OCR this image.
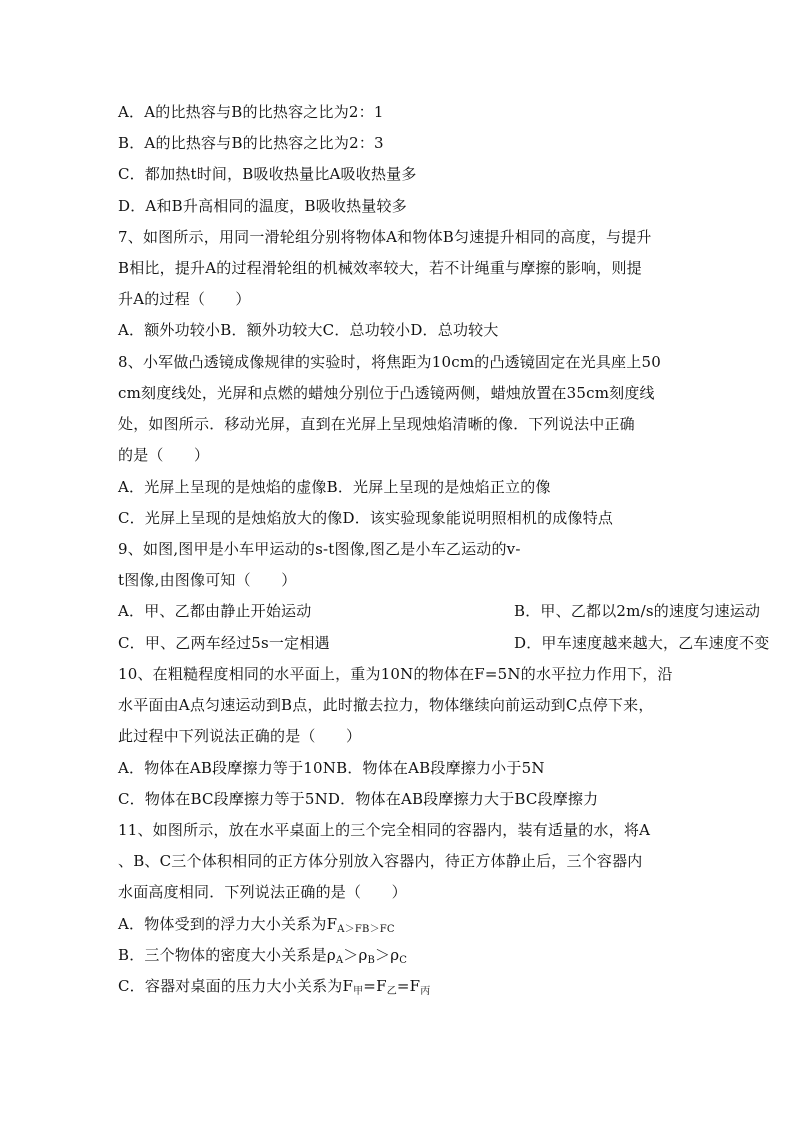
A．A的比热容与B的比热容之比为2：1
B．A的比热容与B的比热容之比为2：3
C．都加热t时间，B吸收热量比A吸收热量多
D．A和B升高相同的温度，B吸收热量较多
7、如图所示，用同一滑轮组分别将物体A和物体B匀速提升相同的高度，与提升
B相比，提升A的过程滑轮组的机械效率较大，若不计绳重与摩擦的影响，则提
升A的过程（　　）
A．额外功较小B．额外功较大C．总功较小D．总功较大
8、小军做凸透镜成像规律的实验时，将焦距为10cm的凸透镜固定在光具座上50
cm刻度线处，光屏和点燃的蜡烛分别位于凸透镜两侧，蜡烛放置在35cm刻度线
处，如图所示．移动光屏，直到在光屏上呈现烛焰清晰的像．下列说法中正确
的是（　　）
A．光屏上呈现的是烛焰的虚像B．光屏上呈现的是烛焰正立的像
C．光屏上呈现的是烛焰放大的像D．该实验现象能说明照相机的成像特点
9、如图,图甲是小车甲运动的s-t图像,图乙是小车乙运动的v-
t图像,由图像可知（　　）
A．甲、乙都由静止开始运动	B．甲、乙都以2m/s的速度匀速运动
C．甲、乙两车经过5s一定相遇	D．甲车速度越来越大，乙车速度不变
10、在粗糙程度相同的水平面上，重为10N的物体在F=5N的水平拉力作用下，沿
水平面由A点匀速运动到B点，此时撤去拉力，物体继续向前运动到C点停下来，
此过程中下列说法正确的是（　　）
A．物体在AB段摩擦力等于10NB．物体在AB段摩擦力小于5N
C．物体在BC段摩擦力等于5ND．物体在AB段摩擦力大于BC段摩擦力
11、如图所示，放在水平桌面上的三个完全相同的容器内，装有适量的水，将A
、B、C三个体积相同的正方体分别放入容器内，待正方体静止后，三个容器内
水面高度相同．下列说法正确的是（　　）
A．物体受到的浮力大小关系为$F_{A>FB>FC}$
B．三个物体的密度大小关系是$\rho_A>\rho_B>\rho_C$
C．容器对桌面的压力大小关系为$F_甲=F_乙=F_丙$
